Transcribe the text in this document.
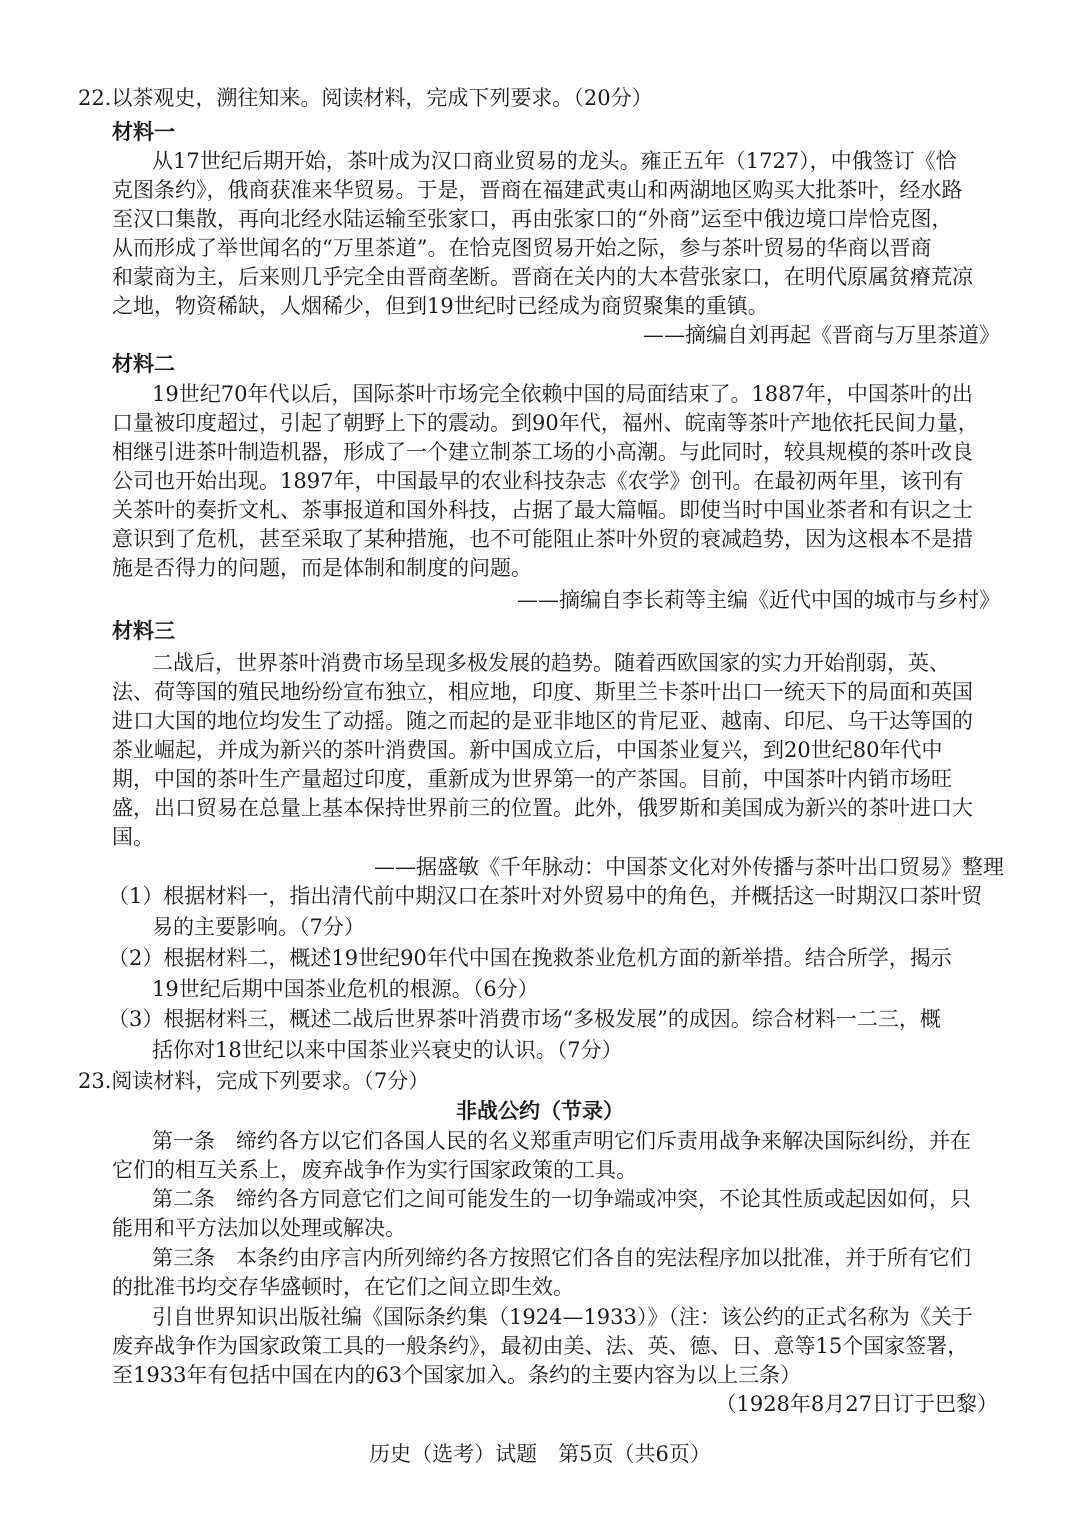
22.以茶观史，溯往知来。阅读材料，完成下列要求。（20分）
材料一
从17世纪后期开始，茶叶成为汉口商业贸易的龙头。雍正五年（1727），中俄签订《恰
克图条约》，俄商获准来华贸易。于是，晋商在福建武夷山和两湖地区购买大批茶叶，经水路
至汉口集散，再向北经水陆运输至张家口，再由张家口的“外商”运至中俄边境口岸恰克图，
从而形成了举世闻名的“万里茶道”。在恰克图贸易开始之际，参与茶叶贸易的华商以晋商
和蒙商为主，后来则几乎完全由晋商垄断。晋商在关内的大本营张家口，在明代原属贫瘠荒凉
之地，物资稀缺，人烟稀少，但到19世纪时已经成为商贸聚集的重镇。
——摘编自刘再起《晋商与万里茶道》
材料二
19世纪70年代以后，国际茶叶市场完全依赖中国的局面结束了。1887年，中国茶叶的出
口量被印度超过，引起了朝野上下的震动。到90年代，福州、皖南等茶叶产地依托民间力量，
相继引进茶叶制造机器，形成了一个建立制茶工场的小高潮。与此同时，较具规模的茶叶改良
公司也开始出现。1897年，中国最早的农业科技杂志《农学》创刊。在最初两年里，该刊有
关茶叶的奏折文札、茶事报道和国外科技，占据了最大篇幅。即使当时中国业茶者和有识之士
意识到了危机，甚至采取了某种措施，也不可能阻止茶叶外贸的衰减趋势，因为这根本不是措
施是否得力的问题，而是体制和制度的问题。
——摘编自李长莉等主编《近代中国的城市与乡村》
材料三
二战后，世界茶叶消费市场呈现多极发展的趋势。随着西欧国家的实力开始削弱，英、
法、荷等国的殖民地纷纷宣布独立，相应地，印度、斯里兰卡茶叶出口一统天下的局面和英国
进口大国的地位均发生了动摇。随之而起的是亚非地区的肯尼亚、越南、印尼、乌干达等国的
茶业崛起，并成为新兴的茶叶消费国。新中国成立后，中国茶业复兴，到20世纪80年代中
期，中国的茶叶生产量超过印度，重新成为世界第一的产茶国。目前，中国茶叶内销市场旺
盛，出口贸易在总量上基本保持世界前三的位置。此外，俄罗斯和美国成为新兴的茶叶进口大
国。
——据盛敏《千年脉动：中国茶文化对外传播与茶叶出口贸易》整理
（1）根据材料一，指出清代前中期汉口在茶叶对外贸易中的角色，并概括这一时期汉口茶叶贸
易的主要影响。（7分）
（2）根据材料二，概述19世纪90年代中国在挽救茶业危机方面的新举措。结合所学，揭示
19世纪后期中国茶业危机的根源。（6分）
（3）根据材料三，概述二战后世界茶叶消费市场“多极发展”的成因。综合材料一二三，概
括你对18世纪以来中国茶业兴衰史的认识。（7分）
23.阅读材料，完成下列要求。（7分）
非战公约（节录）
第一条　缔约各方以它们各国人民的名义郑重声明它们斥责用战争来解决国际纠纷，并在
它们的相互关系上，废弃战争作为实行国家政策的工具。
第二条　缔约各方同意它们之间可能发生的一切争端或冲突，不论其性质或起因如何，只
能用和平方法加以处理或解决。
第三条　本条约由序言内所列缔约各方按照它们各自的宪法程序加以批准，并于所有它们
的批准书均交存华盛顿时，在它们之间立即生效。
引自世界知识出版社编《国际条约集（1924—1933）》（注：该公约的正式名称为《关于
废弃战争作为国家政策工具的一般条约》，最初由美、法、英、德、日、意等15个国家签署，
至1933年有包括中国在内的63个国家加入。条约的主要内容为以上三条）
（1928年8月27日订于巴黎）
历史（选考）试题　第5页（共6页）
